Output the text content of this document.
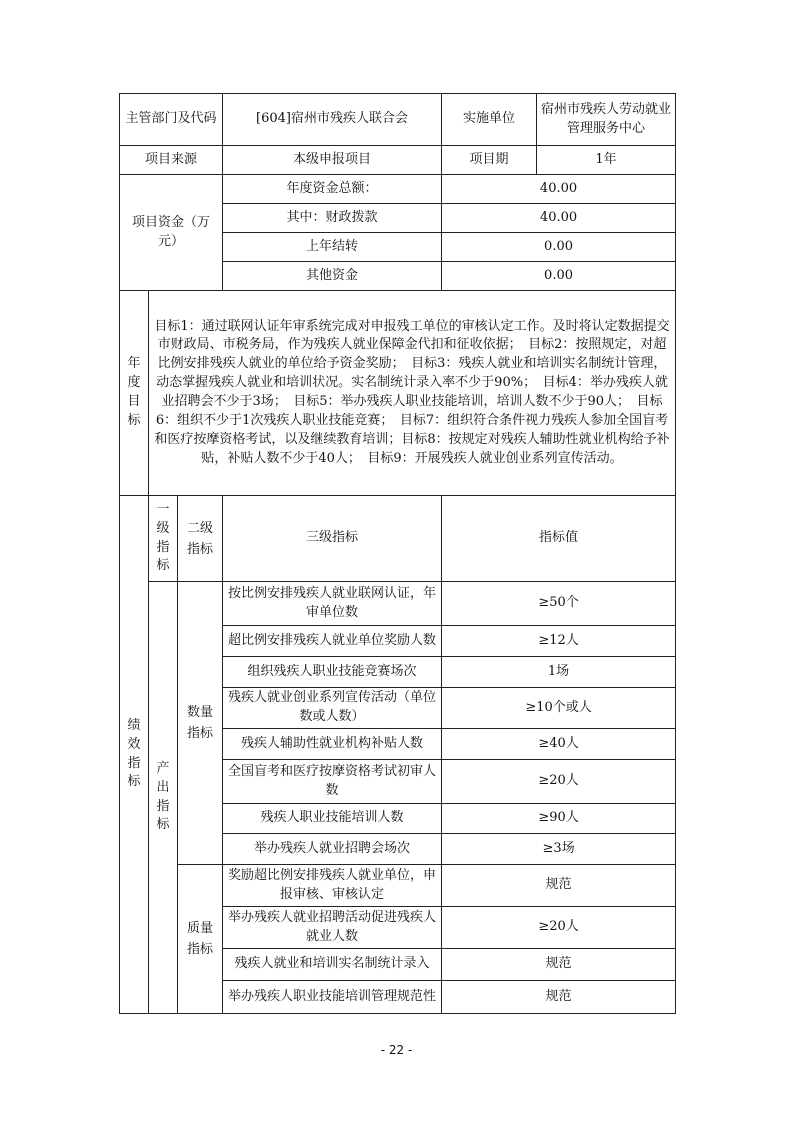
主管部门及代码			[604]宿州市残疾人联合会	实施单位	宿州市残疾人劳动就业管理服务中心
项目来源			本级申报项目	项目期	1年
项目资金（万元）			年度资金总额：	40.00	
			其中：财政拨款	40.00	
			上年结转	0.00	
			其他资金	0.00	
年度目标	目标1：通过联网认证年审系统完成对申报残工单位的审核认定工作。及时将认定数据提交市财政局、市税务局，作为残疾人就业保障金代扣和征收依据；　目标2：按照规定，对超比例安排残疾人就业的单位给予资金奖励；　目标3：残疾人就业和培训实名制统计管理，动态掌握残疾人就业和培训状况。实名制统计录入率不少于90%；　目标4：举办残疾人就业招聘会不少于3场；　目标5：举办残疾人职业技能培训，培训人数不少于90人；　目标6：组织不少于1次残疾人职业技能竞赛；　目标7：组织符合条件视力残疾人参加全国盲考和医疗按摩资格考试，以及继续教育培训；目标8：按规定对残疾人辅助性就业机构给予补贴，补贴人数不少于40人；　目标9：开展残疾人就业创业系列宣传活动。				
绩效指标	一级指标	二级指标	三级指标	指标值	
	产出指标	数量指标	按比例安排残疾人就业联网认证，年审单位数	≥50个	
			超比例安排残疾人就业单位奖励人数	≥12人	
			组织残疾人职业技能竞赛场次	1场	
			残疾人就业创业系列宣传活动（单位数或人数）	≥10个或人	
			残疾人辅助性就业机构补贴人数	≥40人	
			全国盲考和医疗按摩资格考试初审人数	≥20人	
			残疾人职业技能培训人数	≥90人	
			举办残疾人就业招聘会场次	≥3场	
		质量指标	奖励超比例安排残疾人就业单位，申报审核、审核认定	规范	
			举办残疾人就业招聘活动促进残疾人就业人数	≥20人	
			残疾人就业和培训实名制统计录入	规范	
			举办残疾人职业技能培训管理规范性	规范	
- 22 -
